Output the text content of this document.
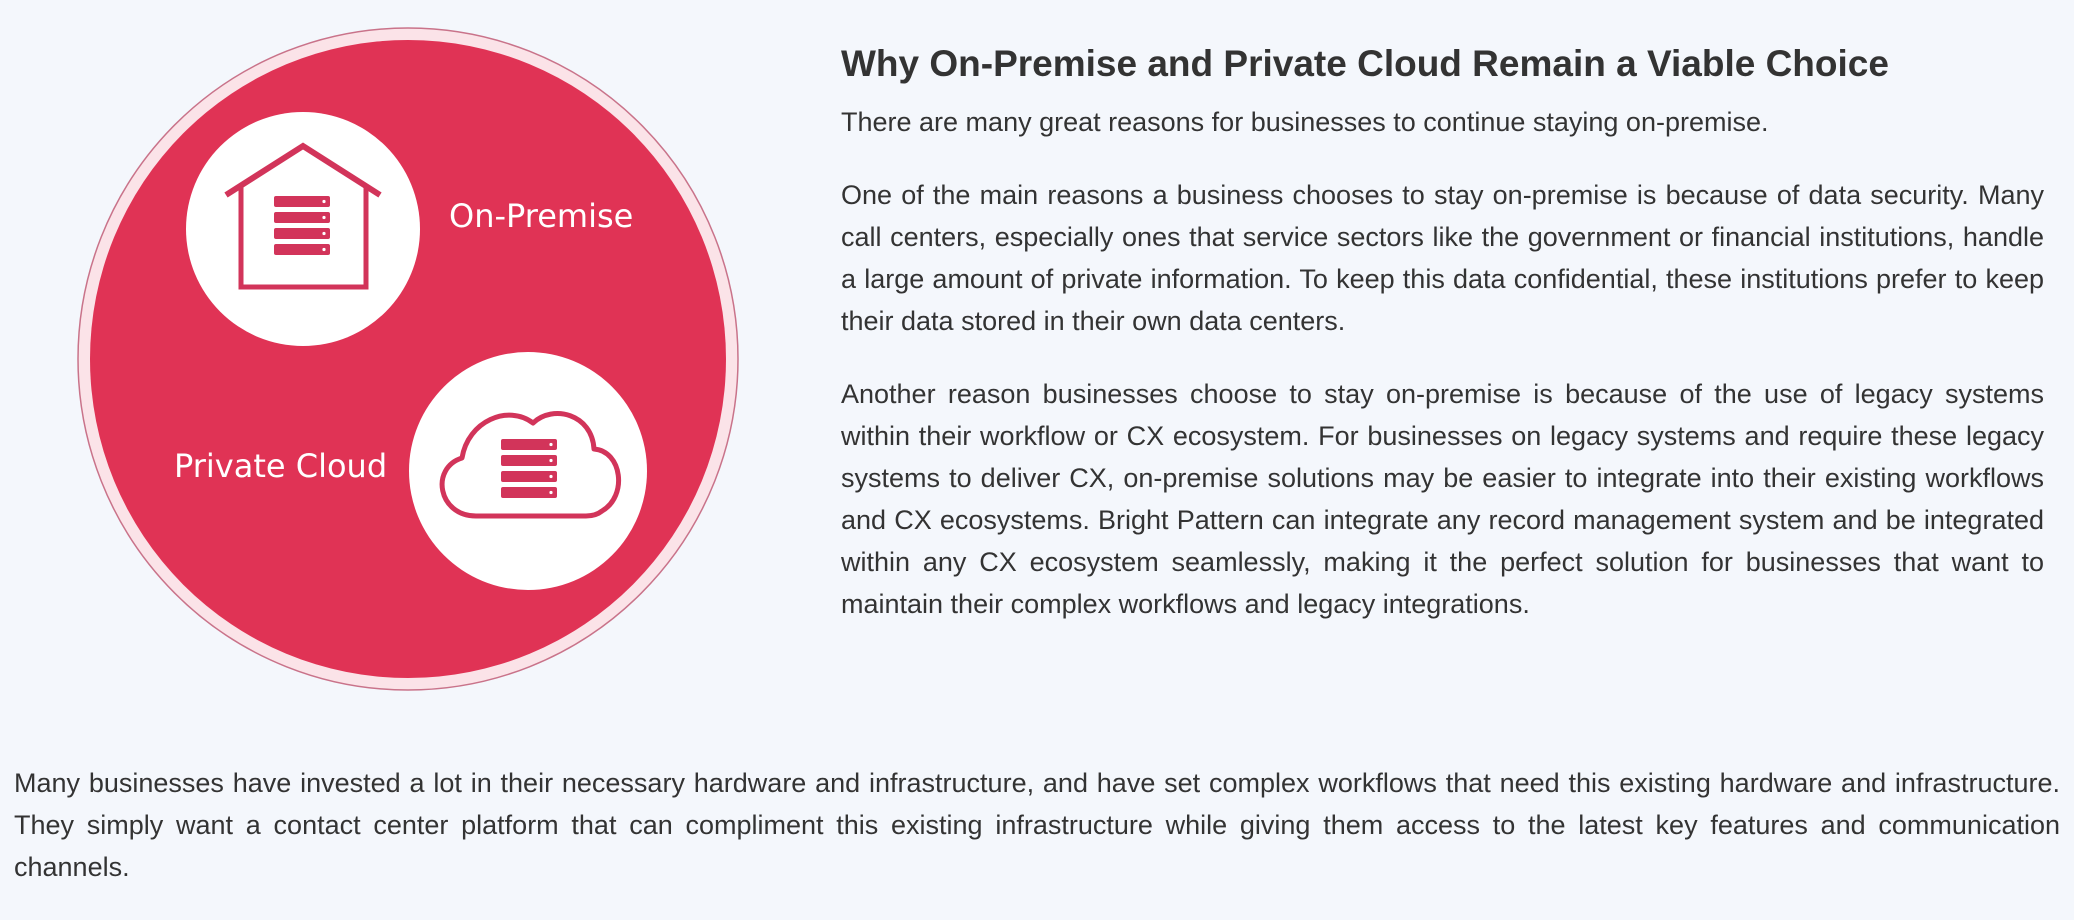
On-Premise
Private Cloud
Why On-Premise and Private Cloud Remain a Viable Choice

There are many great reasons for businesses to continue staying on-premise.

One of the main reasons a business chooses to stay on-premise is because of data security. Many call centers, especially ones that service sectors like the government or financial institutions, handle a large amount of private information. To keep this data confidential, these institutions prefer to keep their data stored in their own data centers.

Another reason businesses choose to stay on-premise is because of the use of legacy systems within their workflow or CX ecosystem. For businesses on legacy systems and require these legacy systems to deliver CX, on-premise solutions may be easier to integrate into their existing workflows and CX ecosystems. Bright Pattern can integrate any record management system and be integrated within any CX ecosystem seamlessly, making it the perfect solution for businesses that want to maintain their complex workflows and legacy integrations.

Many businesses have invested a lot in their necessary hardware and infrastructure, and have set complex workflows that need this existing hardware and infrastructure. They simply want a contact center platform that can compliment this existing infrastructure while giving them access to the latest key features and communication channels.
